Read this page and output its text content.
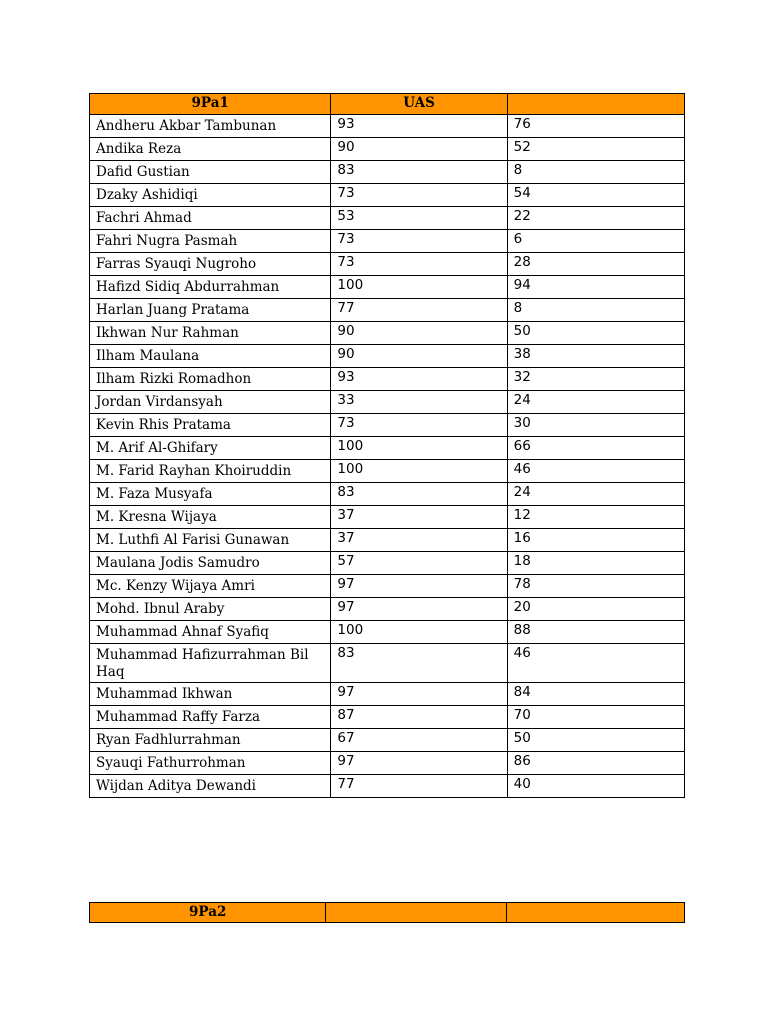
9Pa1	UAS	
Andheru Akbar Tambunan	93	76
Andika Reza	90	52
Dafid Gustian	83	8
Dzaky Ashidiqi	73	54
Fachri Ahmad	53	22
Fahri Nugra Pasmah	73	6
Farras Syauqi Nugroho	73	28
Hafizd Sidiq Abdurrahman	100	94
Harlan Juang Pratama	77	8
Ikhwan Nur Rahman	90	50
Ilham Maulana	90	38
Ilham Rizki Romadhon	93	32
Jordan Virdansyah	33	24
Kevin Rhis Pratama	73	30
M. Arif Al-Ghifary	100	66
M. Farid Rayhan Khoiruddin	100	46
M. Faza Musyafa	83	24
M. Kresna Wijaya	37	12
M. Luthfi Al Farisi Gunawan	37	16
Maulana Jodis Samudro	57	18
Mc. Kenzy Wijaya Amri	97	78
Mohd. Ibnul Araby	97	20
Muhammad Ahnaf Syafiq	100	88
Muhammad Hafizurrahman Bil Haq	83	46
Muhammad Ikhwan	97	84
Muhammad Raffy Farza	87	70
Ryan Fadhlurrahman	67	50
Syauqi Fathurrohman	97	86
Wijdan Aditya Dewandi	77	40
9Pa2		
